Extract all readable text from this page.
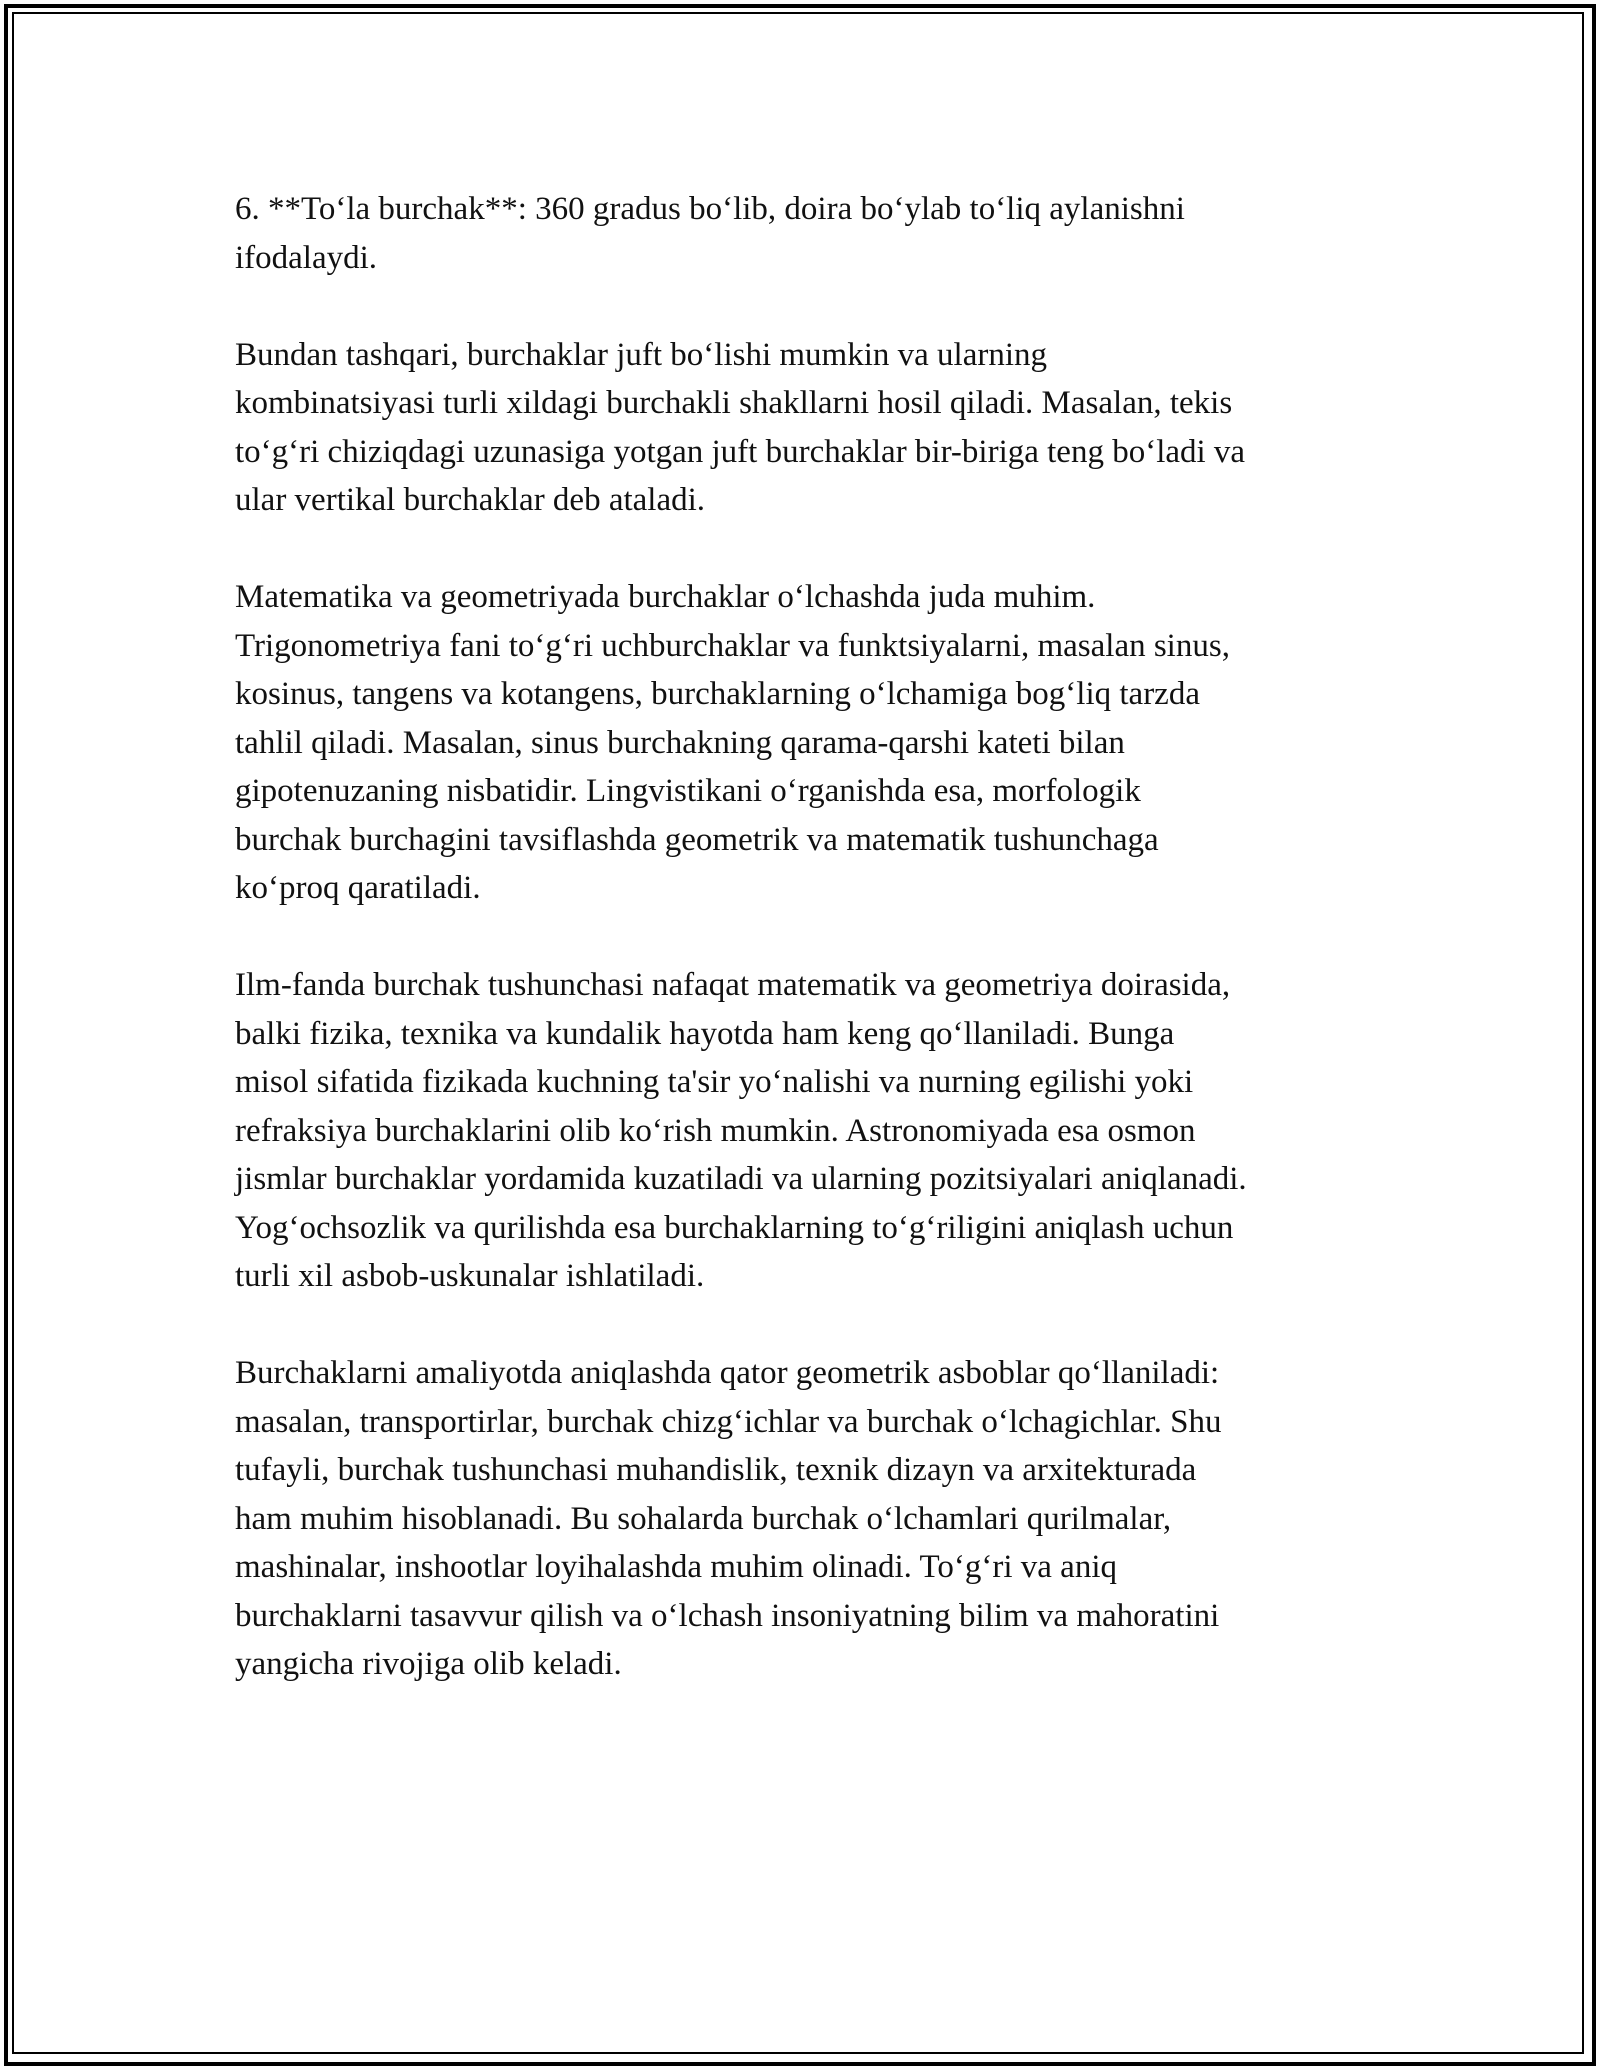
6. **To‘la burchak**: 360 gradus bo‘lib, doira bo‘ylab to‘liq aylanishni
ifodalaydi.

Bundan tashqari, burchaklar juft bo‘lishi mumkin va ularning
kombinatsiyasi turli xildagi burchakli shakllarni hosil qiladi. Masalan, tekis
to‘g‘ri chiziqdagi uzunasiga yotgan juft burchaklar bir-biriga teng bo‘ladi va
ular vertikal burchaklar deb ataladi.

Matematika va geometriyada burchaklar o‘lchashda juda muhim.
Trigonometriya fani to‘g‘ri uchburchaklar va funktsiyalarni, masalan sinus,
kosinus, tangens va kotangens, burchaklarning o‘lchamiga bog‘liq tarzda
tahlil qiladi. Masalan, sinus burchakning qarama-qarshi kateti bilan
gipotenuzaning nisbatidir. Lingvistikani o‘rganishda esa, morfologik
burchak burchagini tavsiflashda geometrik va matematik tushunchaga
ko‘proq qaratiladi.

Ilm-fanda burchak tushunchasi nafaqat matematik va geometriya doirasida,
balki fizika, texnika va kundalik hayotda ham keng qo‘llaniladi. Bunga
misol sifatida fizikada kuchning ta'sir yo‘nalishi va nurning egilishi yoki
refraksiya burchaklarini olib ko‘rish mumkin. Astronomiyada esa osmon
jismlar burchaklar yordamida kuzatiladi va ularning pozitsiyalari aniqlanadi.
Yog‘ochsozlik va qurilishda esa burchaklarning to‘g‘riligini aniqlash uchun
turli xil asbob-uskunalar ishlatiladi.

Burchaklarni amaliyotda aniqlashda qator geometrik asboblar qo‘llaniladi:
masalan, transportirlar, burchak chizg‘ichlar va burchak o‘lchagichlar. Shu
tufayli, burchak tushunchasi muhandislik, texnik dizayn va arxitekturada
ham muhim hisoblanadi. Bu sohalarda burchak o‘lchamlari qurilmalar,
mashinalar, inshootlar loyihalashda muhim olinadi. To‘g‘ri va aniq
burchaklarni tasavvur qilish va o‘lchash insoniyatning bilim va mahoratini
yangicha rivojiga olib keladi.
